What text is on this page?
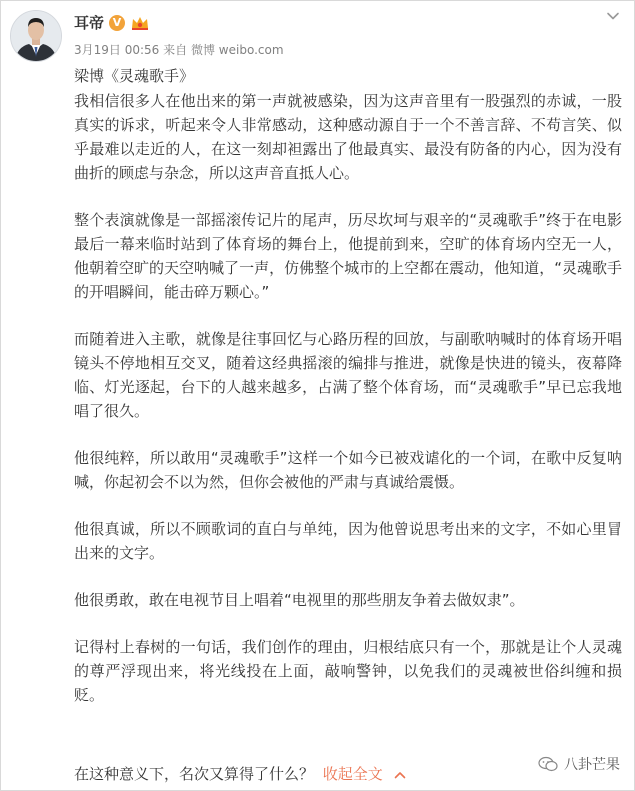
耳帝 V
3月19日 00:56 来自 微博 weibo.com
梁博《灵魂歌手》

我相信很多人在他出来的第一声就被感染，因为这声音里有一股强烈的赤诚，一股真实的诉求，听起来令人非常感动，这种感动源自于一个不善言辞、不苟言笑、似乎最难以走近的人，在这一刻却袒露出了他最真实、最没有防备的内心，因为没有曲折的顾虑与杂念，所以这声音直抵人心。

整个表演就像是一部摇滚传记片的尾声，历尽坎坷与艰辛的“灵魂歌手”终于在电影最后一幕来临时站到了体育场的舞台上，他提前到来，空旷的体育场内空无一人，他朝着空旷的天空呐喊了一声，仿佛整个城市的上空都在震动，他知道，“灵魂歌手的开唱瞬间，能击碎万颗心。”

而随着进入主歌，就像是往事回忆与心路历程的回放，与副歌呐喊时的体育场开唱镜头不停地相互交叉，随着这经典摇滚的编排与推进，就像是快进的镜头，夜幕降临、灯光逐起，台下的人越来越多，占满了整个体育场，而“灵魂歌手”早已忘我地唱了很久。

他很纯粹，所以敢用“灵魂歌手”这样一个如今已被戏谑化的一个词，在歌中反复呐喊，你起初会不以为然，但你会被他的严肃与真诚给震慑。

他很真诚，所以不顾歌词的直白与单纯，因为他曾说思考出来的文字，不如心里冒出来的文字。

他很勇敢，敢在电视节目上唱着“电视里的那些朋友争着去做奴隶”。

记得村上春树的一句话，我们创作的理由，归根结底只有一个，那就是让个人灵魂的尊严浮现出来，将光线投在上面，敲响警钟，以免我们的灵魂被世俗纠缠和损贬。

在这种意义下，名次又算得了什么？ 收起全文	八卦芒果
